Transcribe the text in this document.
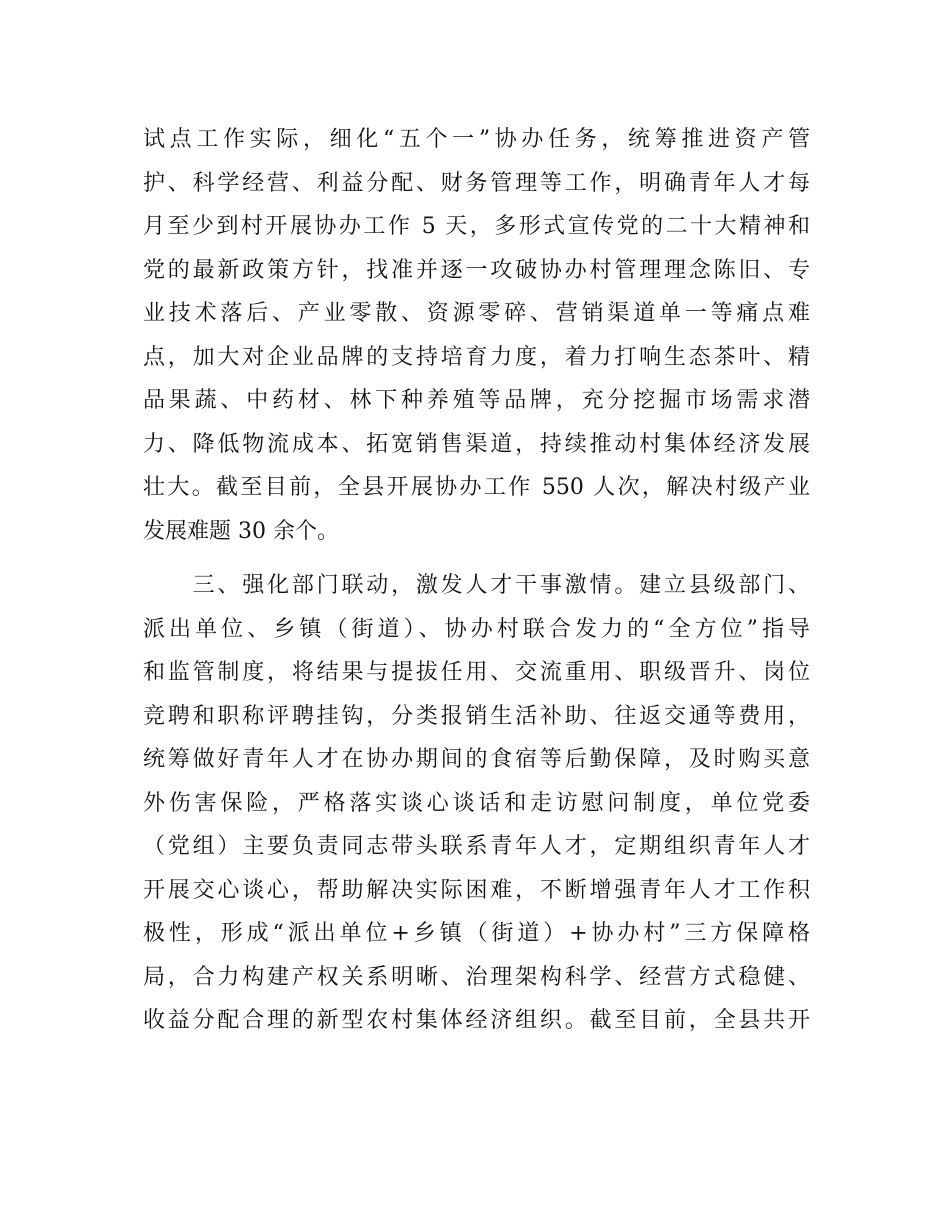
试点工作实际，细化“五个一”协办任务，统筹推进资产管
护、科学经营、利益分配、财务管理等工作，明确青年人才每
月至少到村开展协办工作 5 天，多形式宣传党的二十大精神和
党的最新政策方针，找准并逐一攻破协办村管理理念陈旧、专
业技术落后、产业零散、资源零碎、营销渠道单一等痛点难
点，加大对企业品牌的支持培育力度，着力打响生态茶叶、精
品果蔬、中药材、林下种养殖等品牌，充分挖掘市场需求潜
力、降低物流成本、拓宽销售渠道，持续推动村集体经济发展
壮大。截至目前，全县开展协办工作 550 人次，解决村级产业
发展难题 30 余个。
　　三、强化部门联动，激发人才干事激情。建立县级部门、
派出单位、乡镇（街道）、协办村联合发力的“全方位”指导
和监管制度，将结果与提拔任用、交流重用、职级晋升、岗位
竞聘和职称评聘挂钩，分类报销生活补助、往返交通等费用，
统筹做好青年人才在协办期间的食宿等后勤保障，及时购买意
外伤害保险，严格落实谈心谈话和走访慰问制度，单位党委
（党组）主要负责同志带头联系青年人才，定期组织青年人才
开展交心谈心，帮助解决实际困难，不断增强青年人才工作积
极性，形成“派出单位+乡镇（街道）+协办村”三方保障格
局，合力构建产权关系明晰、治理架构科学、经营方式稳健、
收益分配合理的新型农村集体经济组织。截至目前，全县共开
